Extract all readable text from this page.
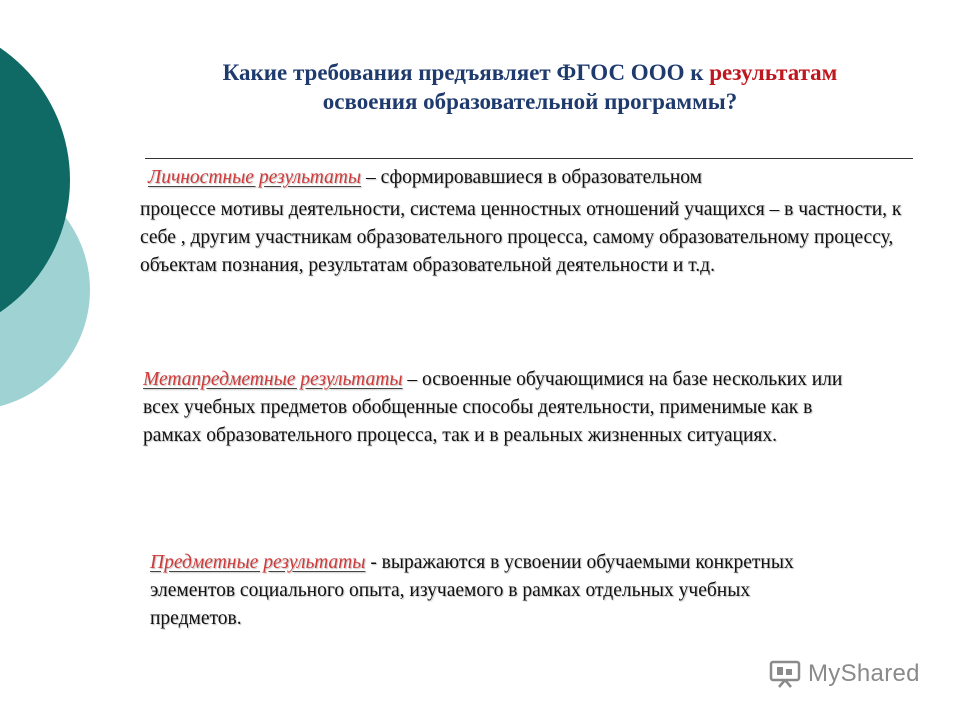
Какие требования предъявляет ФГОС ООО к результатам
освоения образовательной программы?
Личностные результаты – сформировавшиеся в образовательном
процессе мотивы деятельности, система ценностных отношений учащихся – в частности, к себе , другим участникам образовательного процесса, самому образовательному процессу, объектам познания, результатам образовательной деятельности и т.д.
Метапредметные результаты – освоенные обучающимися на базе нескольких или всех учебных предметов обобщенные способы деятельности, применимые как в рамках образовательного процесса, так и в реальных жизненных ситуациях.
Предметные результаты - выражаются в усвоении обучаемыми конкретных элементов социального опыта, изучаемого в рамках отдельных учебных предметов.
MyShared
